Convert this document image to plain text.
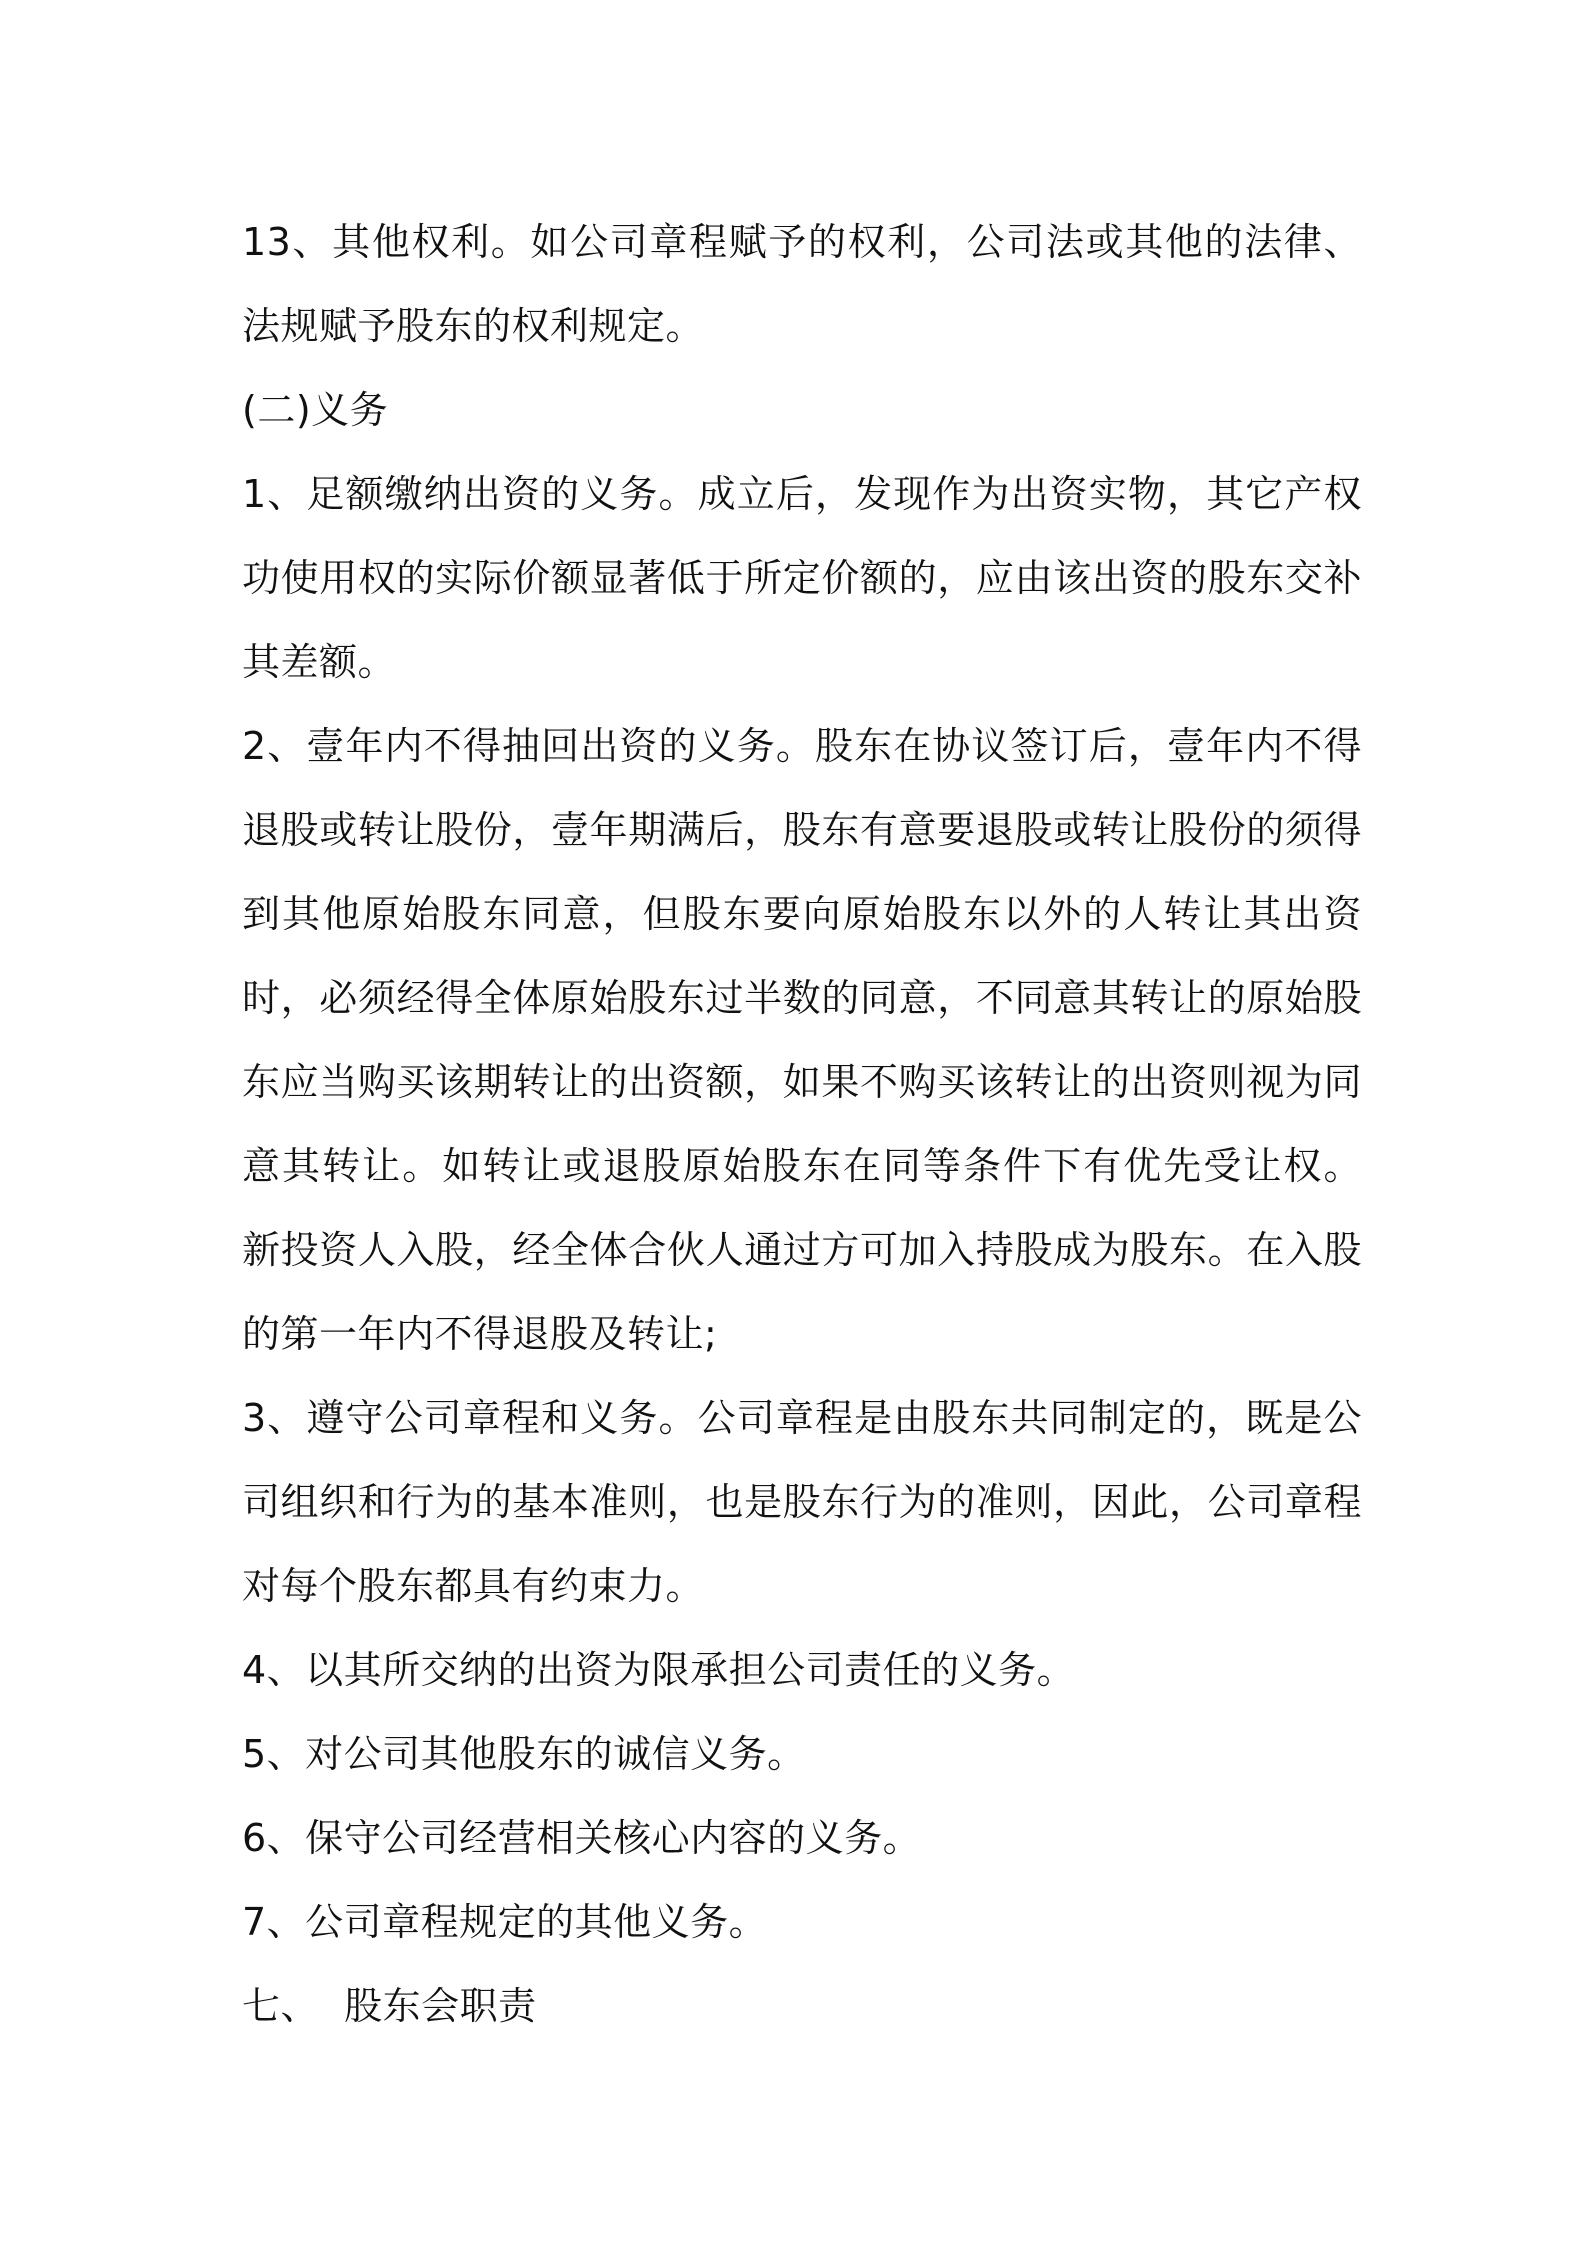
13、其他权利。如公司章程赋予的权利，公司法或其他的法律、法规赋予股东的权利规定。

(二)义务

1、足额缴纳出资的义务。成立后，发现作为出资实物，其它产权功使用权的实际价额显著低于所定价额的，应由该出资的股东交补其差额。

2、壹年内不得抽回出资的义务。股东在协议签订后，壹年内不得退股或转让股份，壹年期满后，股东有意要退股或转让股份的须得到其他原始股东同意，但股东要向原始股东以外的人转让其出资时，必须经得全体原始股东过半数的同意，不同意其转让的原始股东应当购买该期转让的出资额，如果不购买该转让的出资则视为同意其转让。如转让或退股原始股东在同等条件下有优先受让权。  新投资人入股，经全体合伙人通过方可加入持股成为股东。在入股的第一年内不得退股及转让;

3、遵守公司章程和义务。公司章程是由股东共同制定的，既是公司组织和行为的基本准则，也是股东行为的准则，因此，公司章程对每个股东都具有约束力。

4、以其所交纳的出资为限承担公司责任的义务。

5、对公司其他股东的诚信义务。

6、保守公司经营相关核心内容的义务。

7、公司章程规定的其他义务。

七、  股东会职责
